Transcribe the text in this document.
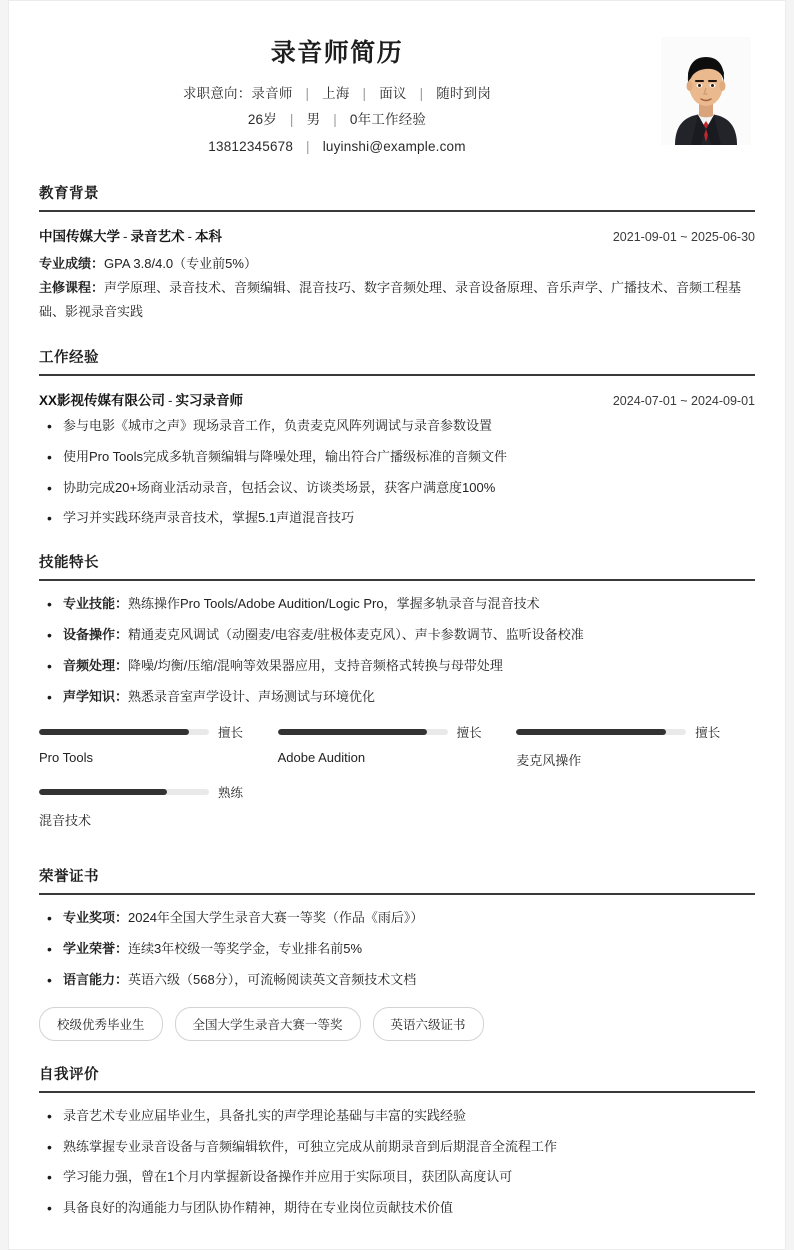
录音师简历
求职意向：录音师 | 上海 | 面议 | 随时到岗
26岁 | 男 | 0年工作经验
13812345678 | luyinshi@example.com
教育背景
中国传媒大学 - 录音艺术 - 本科	2021-09-01 ~ 2025-06-30
专业成绩：GPA 3.8/4.0（专业前5%）
主修课程：声学原理、录音技术、音频编辑、混音技巧、数字音频处理、录音设备原理、音乐声学、广播技术、音频工程基础、影视录音实践
工作经验
XX影视传媒有限公司 - 实习录音师	2024-07-01 ~ 2024-09-01
• 参与电影《城市之声》现场录音工作，负责麦克风阵列调试与录音参数设置
• 使用Pro Tools完成多轨音频编辑与降噪处理，输出符合广播级标准的音频文件
• 协助完成20+场商业活动录音，包括会议、访谈类场景，获客户满意度100%
• 学习并实践环绕声录音技术，掌握5.1声道混音技巧
技能特长
• 专业技能：熟练操作Pro Tools/Adobe Audition/Logic Pro，掌握多轨录音与混音技术
• 设备操作：精通麦克风调试（动圈麦/电容麦/驻极体麦克风）、声卡参数调节、监听设备校准
• 音频处理：降噪/均衡/压缩/混响等效果器应用，支持音频格式转换与母带处理
• 声学知识：熟悉录音室声学设计、声场测试与环境优化
擅长
Pro Tools
擅长
Adobe Audition
擅长
麦克风操作
熟练
混音技术
荣誉证书
• 专业奖项：2024年全国大学生录音大赛一等奖（作品《雨后》）
• 学业荣誉：连续3年校级一等奖学金，专业排名前5%
• 语言能力：英语六级（568分），可流畅阅读英文音频技术文档
校级优秀毕业生	全国大学生录音大赛一等奖	英语六级证书
自我评价
• 录音艺术专业应届毕业生，具备扎实的声学理论基础与丰富的实践经验
• 熟练掌握专业录音设备与音频编辑软件，可独立完成从前期录音到后期混音全流程工作
• 学习能力强，曾在1个月内掌握新设备操作并应用于实际项目，获团队高度认可
• 具备良好的沟通能力与团队协作精神，期待在专业岗位贡献技术价值
